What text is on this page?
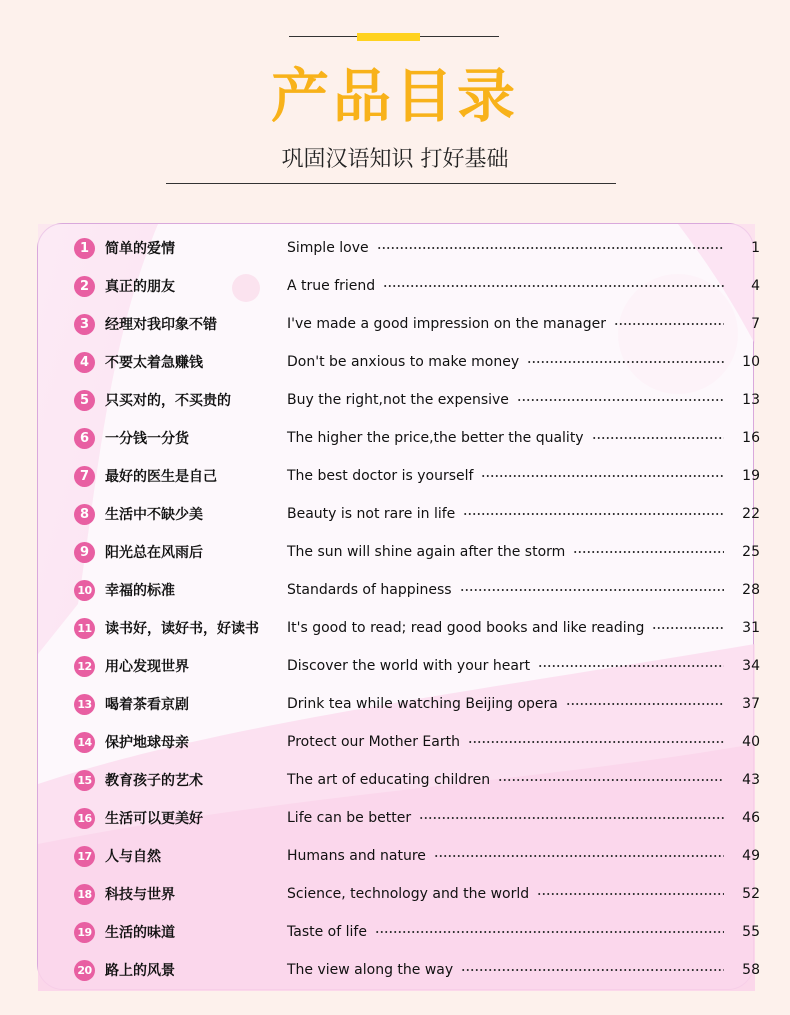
产品目录
巩固汉语知识 打好基础
1	简单的爱情	Simple love	1
2	真正的朋友	A true friend	4
3	经理对我印象不错	I've made a good impression on the manager	7
4	不要太着急赚钱	Don't be anxious to make money	10
5	只买对的，不买贵的	Buy the right,not the expensive	13
6	一分钱一分货	The higher the price,the better the quality	16
7	最好的医生是自己	The best doctor is yourself	19
8	生活中不缺少美	Beauty is not rare in life	22
9	阳光总在风雨后	The sun will shine again after the storm	25
10 幸福的标准	Standards of happiness	28
11 读书好，读好书，好读书	It's good to read; read good books and like reading	31
12 用心发现世界	Discover the world with your heart	34
13 喝着茶看京剧	Drink tea while watching Beijing opera	37
14 保护地球母亲	Protect our Mother Earth	40
15 教育孩子的艺术	The art of educating children	43
16 生活可以更美好	Life can be better	46
17 人与自然	Humans and nature	49
18 科技与世界	Science, technology and the world	52
19 生活的味道	Taste of life	55
20 路上的风景	The view along the way	58
